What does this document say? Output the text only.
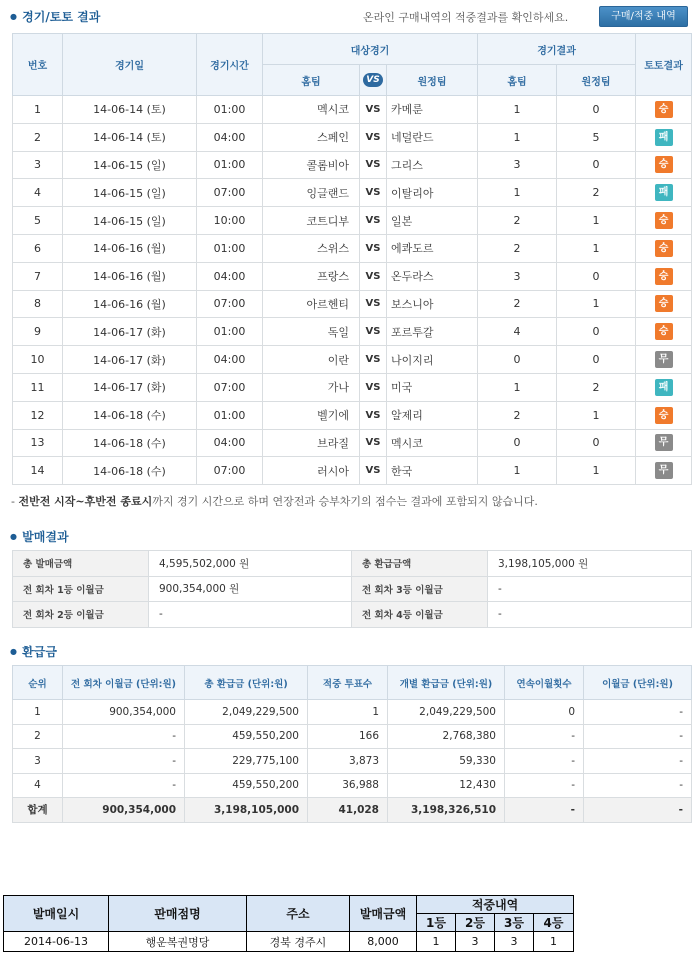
● 경기/토토 결과	온라인 구매내역의 적중결과를 확인하세요.	구매/적중 내역
번호	경기일	경기시간	대상경기			경기결과		토토결과
			홈팀	VS	원정팀	홈팀	원정팀	
1	14-06-14 (토)	01:00	멕시코	VS	카메룬	1	0	승
2	14-06-14 (토)	04:00	스페인	VS	네덜란드	1	5	패
3	14-06-15 (일)	01:00	콜롬비아	VS	그리스	3	0	승
4	14-06-15 (일)	07:00	잉글랜드	VS	이탈리아	1	2	패
5	14-06-15 (일)	10:00	코트디부	VS	일본	2	1	승
6	14-06-16 (월)	01:00	스위스	VS	에콰도르	2	1	승
7	14-06-16 (월)	04:00	프랑스	VS	온두라스	3	0	승
8	14-06-16 (월)	07:00	아르헨티	VS	보스니아	2	1	승
9	14-06-17 (화)	01:00	독일	VS	포르투갈	4	0	승
10	14-06-17 (화)	04:00	이란	VS	나이지리	0	0	무
11	14-06-17 (화)	07:00	가나	VS	미국	1	2	패
12	14-06-18 (수)	01:00	벨기에	VS	알제리	2	1	승
13	14-06-18 (수)	04:00	브라질	VS	멕시코	0	0	무
14	14-06-18 (수)	07:00	러시아	VS	한국	1	1	무
- 전반전 시작~후반전 종료시까지 경기 시간으로 하며 연장전과 승부차기의 점수는 결과에 포함되지 않습니다.
● 발매결과
총 발매금액	4,595,502,000 원	총 환급금액	3,198,105,000 원
전 회차 1등 이월금	900,354,000 원	전 회차 3등 이월금	-
전 회차 2등 이월금	-	전 회차 4등 이월금	-
● 환급금
순위	전 회차 이월금 (단위:원)	총 환급금 (단위:원)	적중 투표수	개별 환급금 (단위:원)	연속이월횟수	이월금 (단위:원)
1	900,354,000	2,049,229,500	1	2,049,229,500	0	-
2	-	459,550,200	166	2,768,380	-	-
3	-	229,775,100	3,873	59,330	-	-
4	-	459,550,200	36,988	12,430	-	-
합계	900,354,000	3,198,105,000	41,028	3,198,326,510	-	-
발매일시	판매점명	주소	발매금액	적중내역			
				1등	2등	3등	4등
2014-06-13	행운복권명당	경북 경주시	8,000	1	3	3	1
